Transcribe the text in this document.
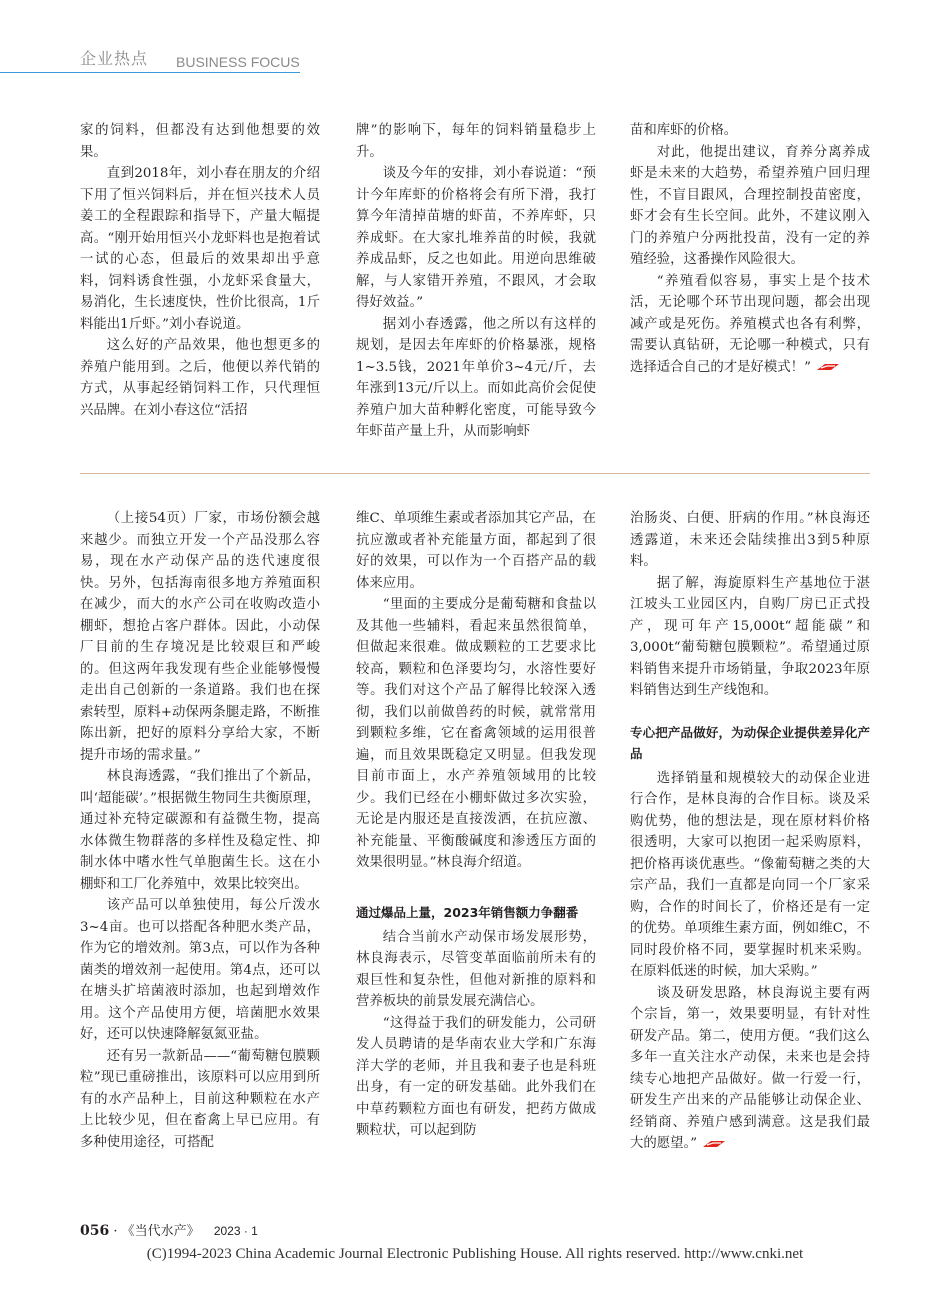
企业热点 BUSINESS FOCUS

家的饲料，但都没有达到他想要的效果。

直到2018年，刘小春在朋友的介绍下用了恒兴饲料后，并在恒兴技术人员姜工的全程跟踪和指导下，产量大幅提高。“刚开始用恒兴小龙虾料也是抱着试一试的心态，但最后的效果却出乎意料，饲料诱食性强，小龙虾采食量大，易消化，生长速度快，性价比很高，1斤料能出1斤虾。”刘小春说道。

这么好的产品效果，他也想更多的养殖户能用到。之后，他便以养代销的方式，从事起经销饲料工作，只代理恒兴品牌。在刘小春这位“活招

牌”的影响下，每年的饲料销量稳步上升。

谈及今年的安排，刘小春说道：“预计今年库虾的价格将会有所下滑，我打算今年清掉苗塘的虾苗，不养库虾，只养成虾。在大家扎堆养苗的时候，我就养成品虾，反之也如此。用逆向思维破解，与人家错开养殖，不跟风，才会取得好效益。”

据刘小春透露，他之所以有这样的规划，是因去年库虾的价格暴涨，规格1~3.5钱，2021年单价3~4元/斤，去年涨到13元/斤以上。而如此高价会促使养殖户加大苗种孵化密度，可能导致今年虾苗产量上升，从而影响虾

苗和库虾的价格。

对此，他提出建议，育养分离养成虾是未来的大趋势，希望养殖户回归理性，不盲目跟风，合理控制投苗密度，虾才会有生长空间。此外，不建议刚入门的养殖户分两批投苗，没有一定的养殖经验，这番操作风险很大。

“养殖看似容易，事实上是个技术活，无论哪个环节出现问题，都会出现减产或是死伤。养殖模式也各有利弊，需要认真钻研，无论哪一种模式，只有选择适合自己的才是好模式！”

（上接54页）厂家，市场份额会越来越少。而独立开发一个产品没那么容易，现在水产动保产品的迭代速度很快。另外，包括海南很多地方养殖面积在减少，而大的水产公司在收购改造小棚虾，想抢占客户群体。因此，小动保厂目前的生存境况是比较艰巨和严峻的。但这两年我发现有些企业能够慢慢走出自己创新的一条道路。我们也在探索转型，原料+动保两条腿走路，不断推陈出新，把好的原料分享给大家，不断提升市场的需求量。”

林良海透露，“我们推出了个新品，叫‘超能碳’。”根据微生物同生共衡原理，通过补充特定碳源和有益微生物，提高水体微生物群落的多样性及稳定性、抑制水体中嗜水性气单胞菌生长。这在小棚虾和工厂化养殖中，效果比较突出。

该产品可以单独使用，每公斤泼水3~4亩。也可以搭配各种肥水类产品，作为它的增效剂。第3点，可以作为各种菌类的增效剂一起使用。第4点，还可以在塘头扩培菌液时添加，也起到增效作用。这个产品使用方便，培菌肥水效果好，还可以快速降解氨氮亚盐。

还有另一款新品——“葡萄糖包膜颗粒”现已重磅推出，该原料可以应用到所有的水产品种上，目前这种颗粒在水产上比较少见，但在畜禽上早已应用。有多种使用途径，可搭配

维C、单项维生素或者添加其它产品，在抗应激或者补充能量方面，都起到了很好的效果，可以作为一个百搭产品的载体来应用。

“里面的主要成分是葡萄糖和食盐以及其他一些辅料，看起来虽然很简单，但做起来很难。做成颗粒的工艺要求比较高，颗粒和色泽要均匀，水溶性要好等。我们对这个产品了解得比较深入透彻，我们以前做兽药的时候，就常常用到颗粒多维，它在畜禽领域的运用很普遍，而且效果既稳定又明显。但我发现目前市面上，水产养殖领域用的比较少。我们已经在小棚虾做过多次实验，无论是内服还是直接泼洒，在抗应激、补充能量、平衡酸碱度和渗透压方面的效果很明显。”林良海介绍道。

通过爆品上量，2023年销售额力争翻番

结合当前水产动保市场发展形势，林良海表示，尽管变革面临前所未有的艰巨性和复杂性，但他对新推的原料和营养板块的前景发展充满信心。

“这得益于我们的研发能力，公司研发人员聘请的是华南农业大学和广东海洋大学的老师，并且我和妻子也是科班出身，有一定的研发基础。此外我们在中草药颗粒方面也有研发，把药方做成颗粒状，可以起到防

治肠炎、白便、肝病的作用。”林良海还透露道，未来还会陆续推出3到5种原料。

据了解，海旋原料生产基地位于湛江坡头工业园区内，自购厂房已正式投产，现可年产15,000t“超能碳”和3,000t“葡萄糖包膜颗粒”。希望通过原料销售来提升市场销量，争取2023年原料销售达到生产线饱和。

专心把产品做好，为动保企业提供差异化产品

选择销量和规模较大的动保企业进行合作，是林良海的合作目标。谈及采购优势，他的想法是，现在原材料价格很透明，大家可以抱团一起采购原料，把价格再谈优惠些。“像葡萄糖之类的大宗产品，我们一直都是向同一个厂家采购，合作的时间长了，价格还是有一定的优势。单项维生素方面，例如维C，不同时段价格不同，要掌握时机来采购。在原料低迷的时候，加大采购。”

谈及研发思路，林良海说主要有两个宗旨，第一，效果要明显，有针对性研发产品。第二，使用方便。“我们这么多年一直关注水产动保，未来也是会持续专心地把产品做好。做一行爱一行，研发生产出来的产品能够让动保企业、经销商、养殖户感到满意。这是我们最大的愿望。”

056 · 《当代水产》 2023 · 1
(C)1994-2023 China Academic Journal Electronic Publishing House. All rights reserved. http://www.cnki.net
